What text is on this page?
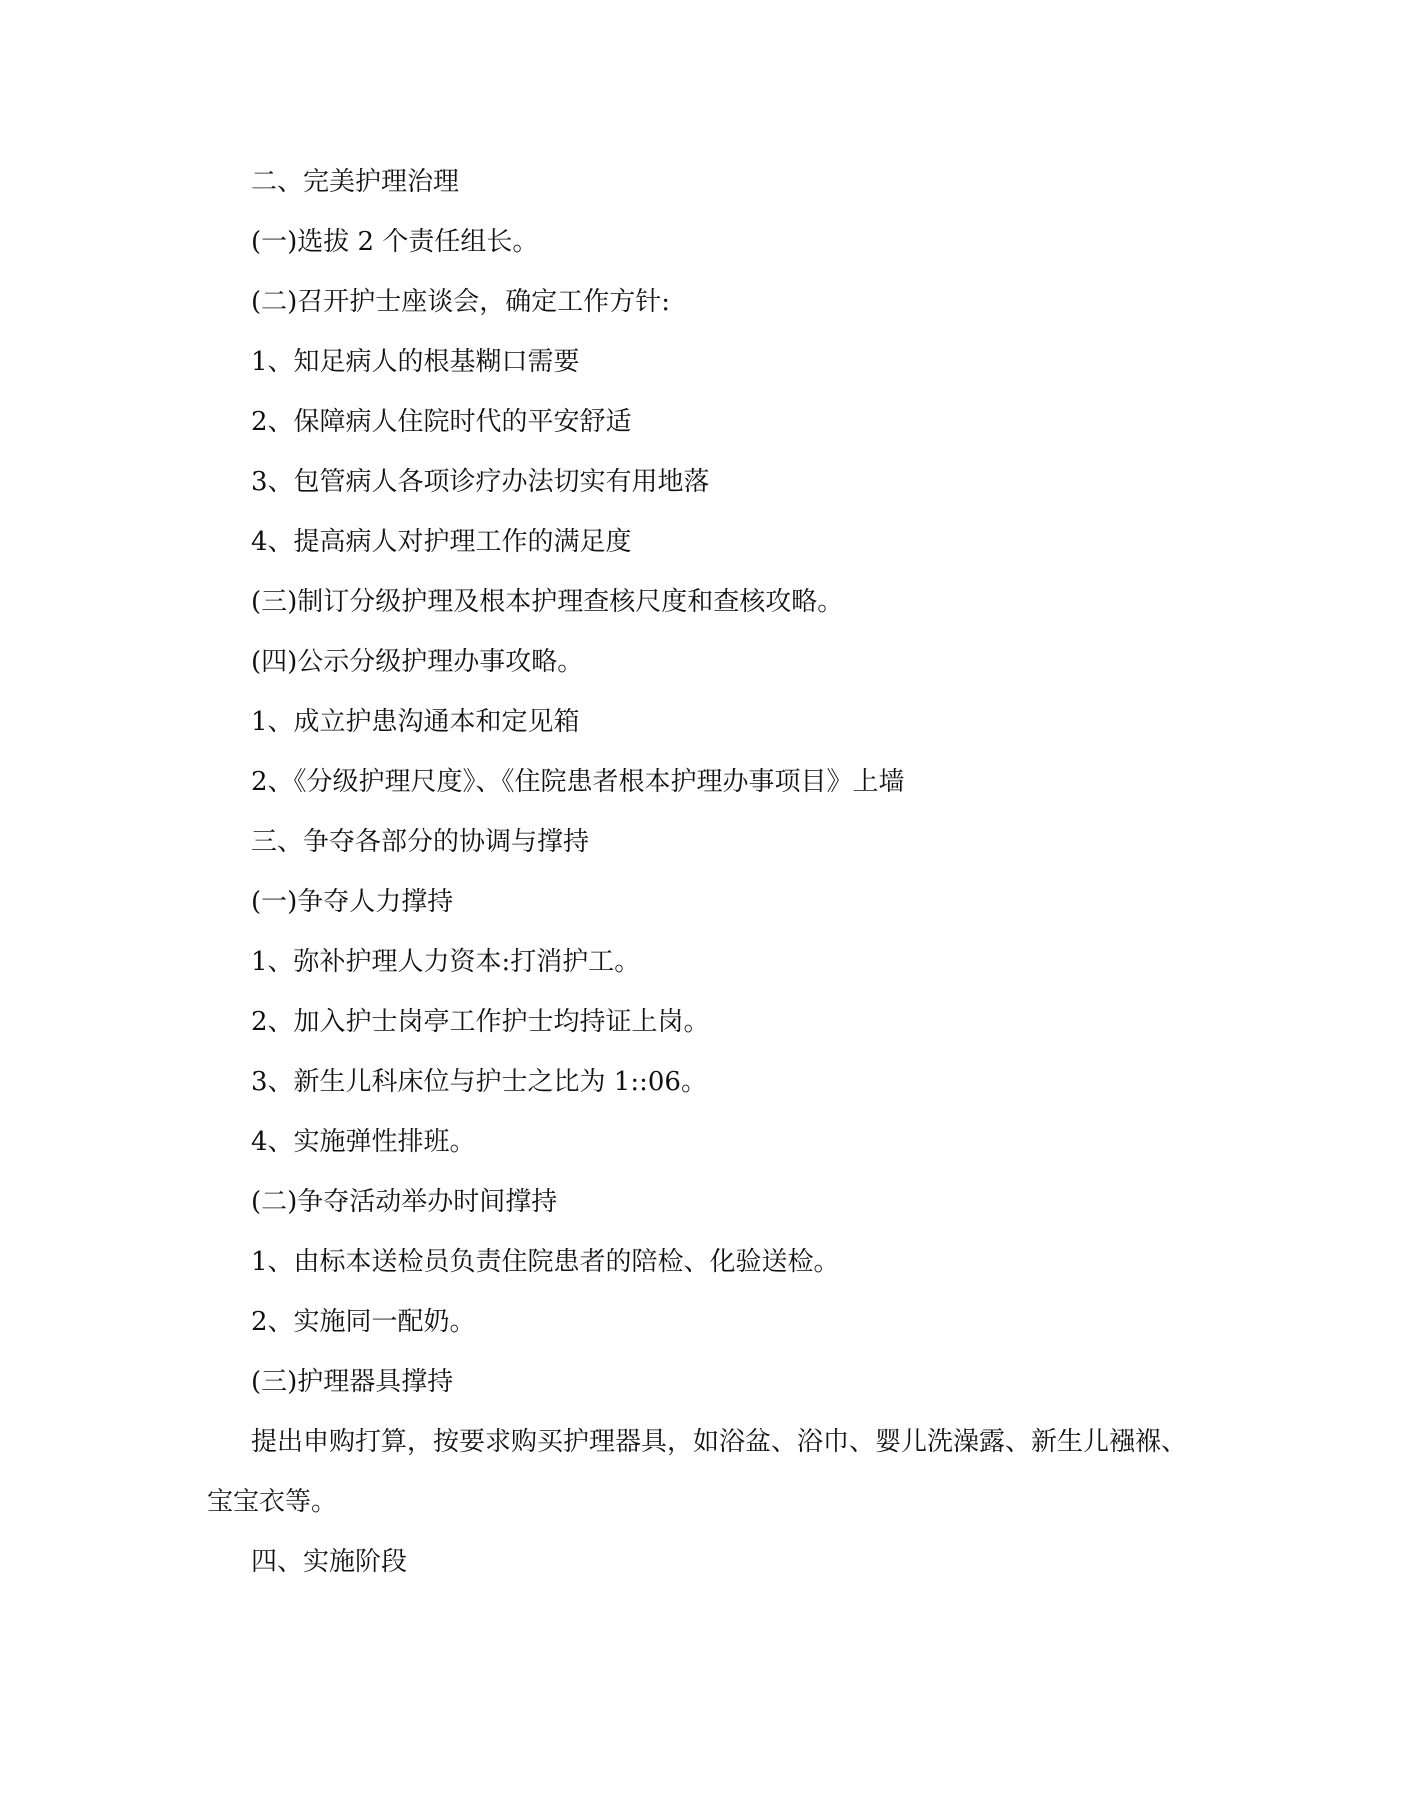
二、完美护理治理

(一)选拔 2 个责任组长。

(二)召开护士座谈会，确定工作方针:

1、知足病人的根基糊口需要

2、保障病人住院时代的平安舒适

3、包管病人各项诊疗办法切实有用地落

4、提高病人对护理工作的满足度

(三)制订分级护理及根本护理查核尺度和查核攻略。

(四)公示分级护理办事攻略。

1、成立护患沟通本和定见箱

2、《分级护理尺度》、《住院患者根本护理办事项目》上墙

三、争夺各部分的协调与撑持

(一)争夺人力撑持

1、弥补护理人力资本:打消护工。

2、加入护士岗亭工作护士均持证上岗。

3、新生儿科床位与护士之比为 1::06。

4、实施弹性排班。

(二)争夺活动举办时间撑持

1、由标本送检员负责住院患者的陪检、化验送检。

2、实施同一配奶。

(三)护理器具撑持

提出申购打算，按要求购买护理器具，如浴盆、浴巾、婴儿洗澡露、新生儿襁褓、宝宝衣等。

四、实施阶段
